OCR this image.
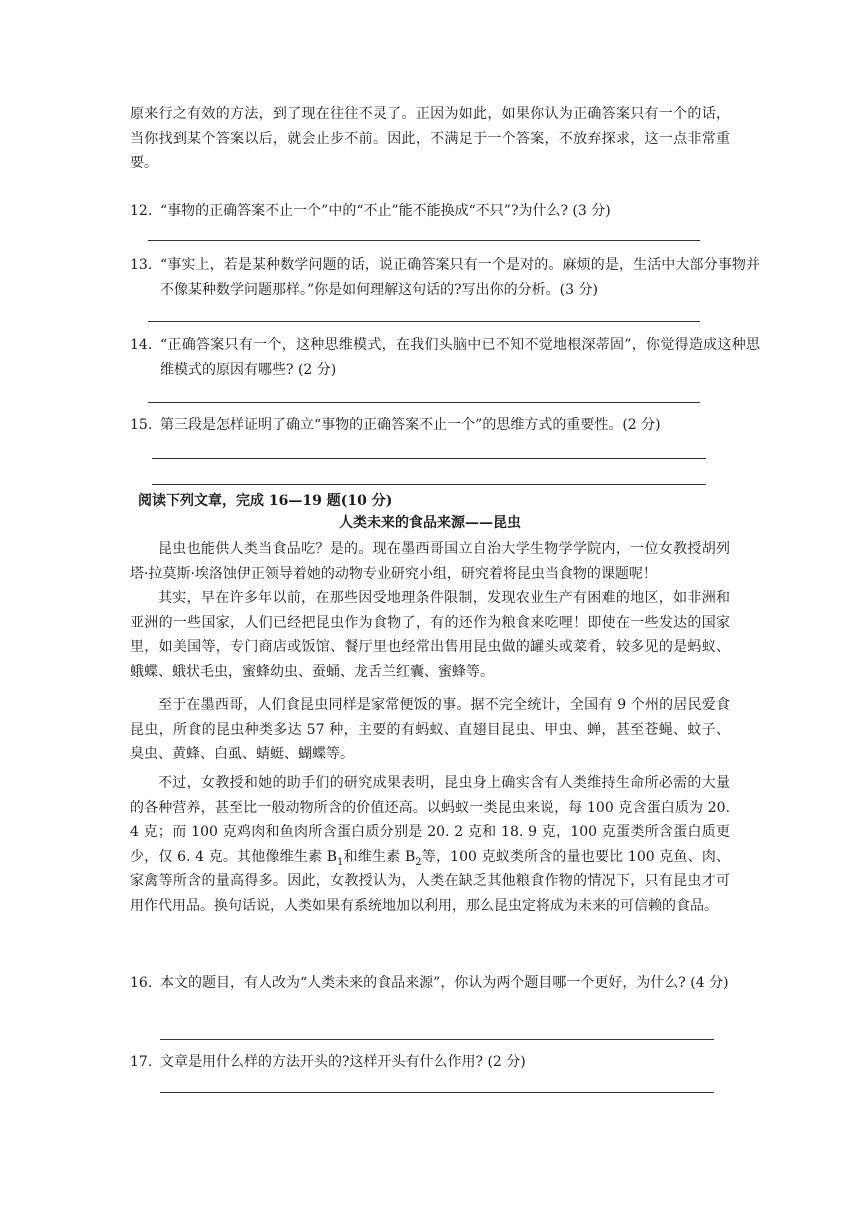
原来行之有效的方法，到了现在往往不灵了。正因为如此，如果你认为正确答案只有一个的话，当你找到某个答案以后，就会止步不前。因此，不满足于一个答案，不放弃探求，这一点非常重要。

12. “事物的正确答案不止一个”中的“不止”能不能换成“不只”?为什么? (3 分)

13. “事实上，若是某种数学问题的话，说正确答案只有一个是对的。麻烦的是，生活中大部分事物并不像某种数学问题那样。”你是如何理解这句话的?写出你的分析。(3 分)

14. “正确答案只有一个，这种思维模式，在我们头脑中已不知不觉地根深蒂固”，你觉得造成这种思维模式的原因有哪些? (2 分)

15. 第三段是怎样证明了确立“事物的正确答案不止一个”的思维方式的重要性。(2 分)

阅读下列文章，完成 16—19 题(10 分)

人类未来的食品来源——昆虫

昆虫也能供人类当食品吃？是的。现在墨西哥国立自治大学生物学学院内，一位女教授胡列塔·拉莫斯·埃洛蚀伊正领导着她的动物专业研究小组，研究着将昆虫当食物的课题呢！

其实，早在许多年以前，在那些因受地理条件限制，发现农业生产有困难的地区，如非洲和亚洲的一些国家，人们已经把昆虫作为食物了，有的还作为粮食来吃哩！即使在一些发达的国家里，如美国等，专门商店或饭馆、餐厅里也经常出售用昆虫做的罐头或菜肴，较多见的是蚂蚁、蛾蝶、蛾状毛虫，蜜蜂幼虫、蚕蛹、龙舌兰红囊、蜜蜂等。

至于在墨西哥，人们食昆虫同样是家常便饭的事。据不完全统计，全国有 9 个州的居民爱食昆虫，所食的昆虫种类多达 57 种，主要的有蚂蚁、直翅目昆虫、甲虫、蝉，甚至苍蝇、蚊子、臭虫、黄蜂、白虱、蜻蜓、蝴蝶等。

不过，女教授和她的助手们的研究成果表明，昆虫身上确实含有人类维持生命所必需的大量的各种营养，甚至比一般动物所含的价值还高。以蚂蚁一类昆虫来说，每 100 克含蛋白质为 20. 4 克；而 100 克鸡肉和鱼肉所含蛋白质分别是 20. 2 克和 18. 9 克，100 克蛋类所含蛋白质更少，仅 6. 4 克。其他像维生素 $B_1$和维生素 $B_2$等，100 克蚁类所含的量也要比 100 克鱼、肉、家禽等所含的量高得多。因此，女教授认为，人类在缺乏其他粮食作物的情况下，只有昆虫才可用作代用品。换句话说，人类如果有系统地加以利用，那么昆虫定将成为未来的可信赖的食品。

16. 本文的题目，有人改为“人类未来的食品来源”，你认为两个题目哪一个更好，为什么? (4 分)

17. 文章是用什么样的方法开头的?这样开头有什么作用? (2 分)
